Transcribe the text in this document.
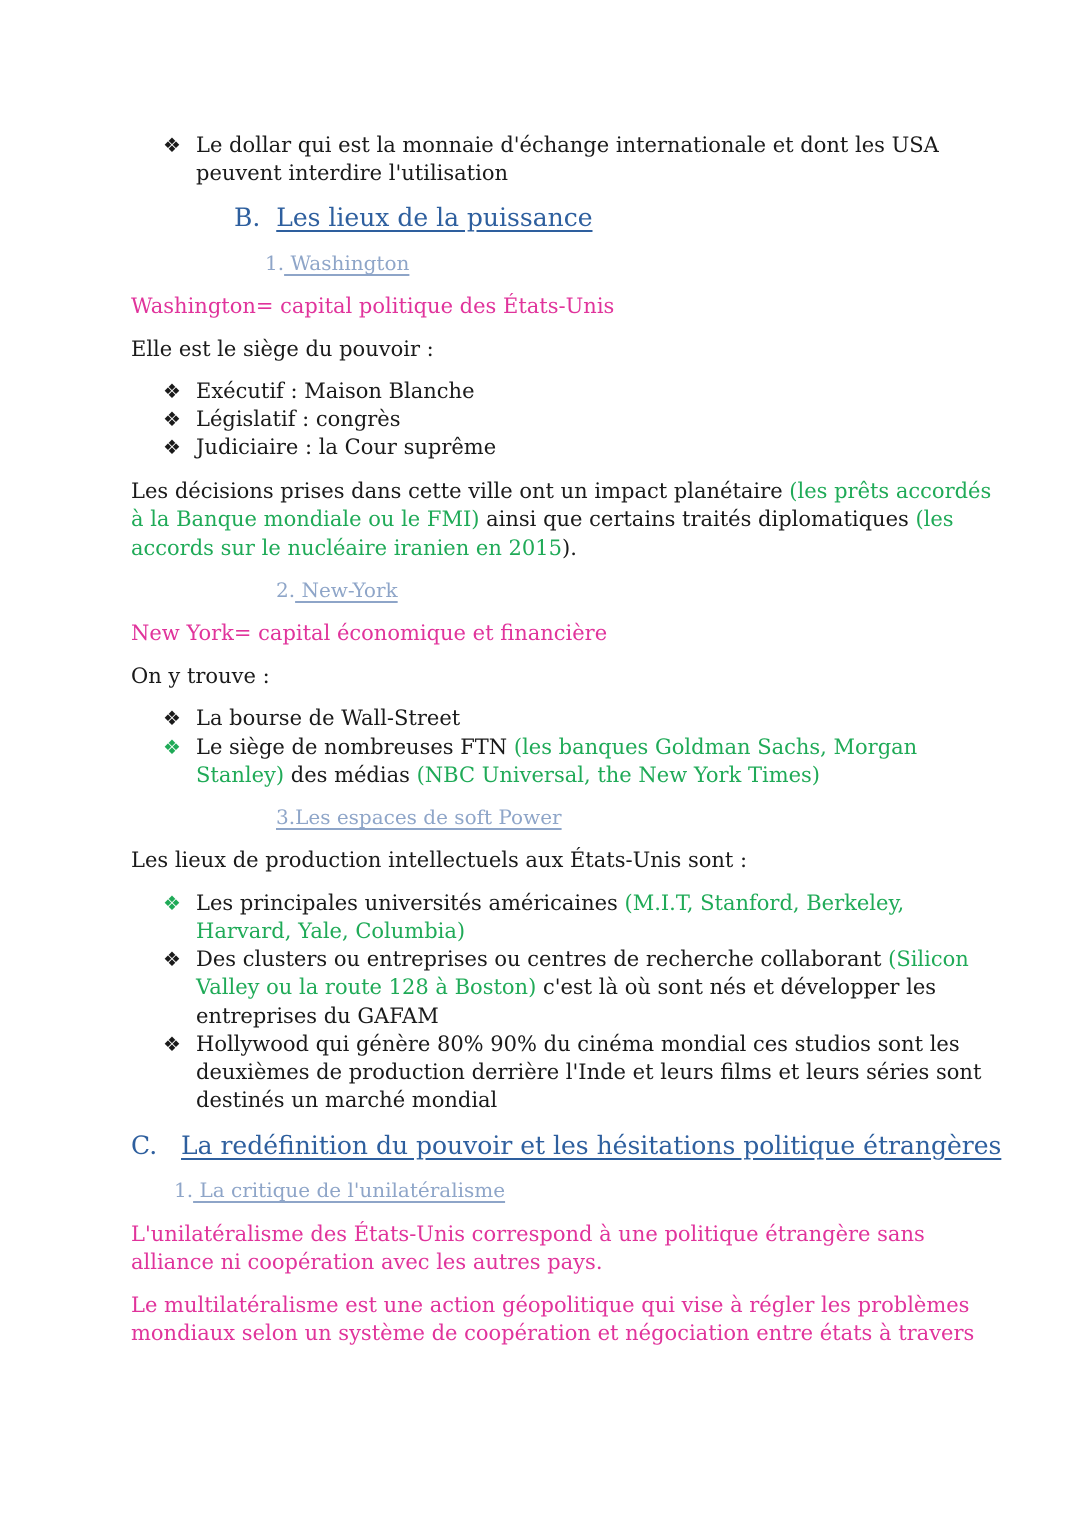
❖ Le dollar qui est la monnaie d'échange internationale et dont les USA
peuvent interdire l'utilisation
B. Les lieux de la puissance
1. Washington
Washington= capital politique des États-Unis
Elle est le siège du pouvoir :
❖ Exécutif : Maison Blanche
❖ Législatif : congrès
❖ Judiciaire : la Cour suprême
Les décisions prises dans cette ville ont un impact planétaire (les prêts accordés
à la Banque mondiale ou le FMI) ainsi que certains traités diplomatiques (les
accords sur le nucléaire iranien en 2015).
2. New-York
New York= capital économique et financière
On y trouve :
❖ La bourse de Wall-Street
❖ Le siège de nombreuses FTN (les banques Goldman Sachs, Morgan
Stanley) des médias (NBC Universal, the New York Times)
3.Les espaces de soft Power
Les lieux de production intellectuels aux États-Unis sont :
❖ Les principales universités américaines (M.I.T, Stanford, Berkeley,
Harvard, Yale, Columbia)
❖ Des clusters ou entreprises ou centres de recherche collaborant (Silicon
Valley ou la route 128 à Boston) c'est là où sont nés et développer les
entreprises du GAFAM
❖ Hollywood qui génère 80% 90% du cinéma mondial ces studios sont les
deuxièmes de production derrière l'Inde et leurs films et leurs séries sont
destinés un marché mondial
C. La redéfinition du pouvoir et les hésitations politique étrangères
1. La critique de l'unilatéralisme
L'unilatéralisme des États-Unis correspond à une politique étrangère sans
alliance ni coopération avec les autres pays.
Le multilatéralisme est une action géopolitique qui vise à régler les problèmes
mondiaux selon un système de coopération et négociation entre états à travers
